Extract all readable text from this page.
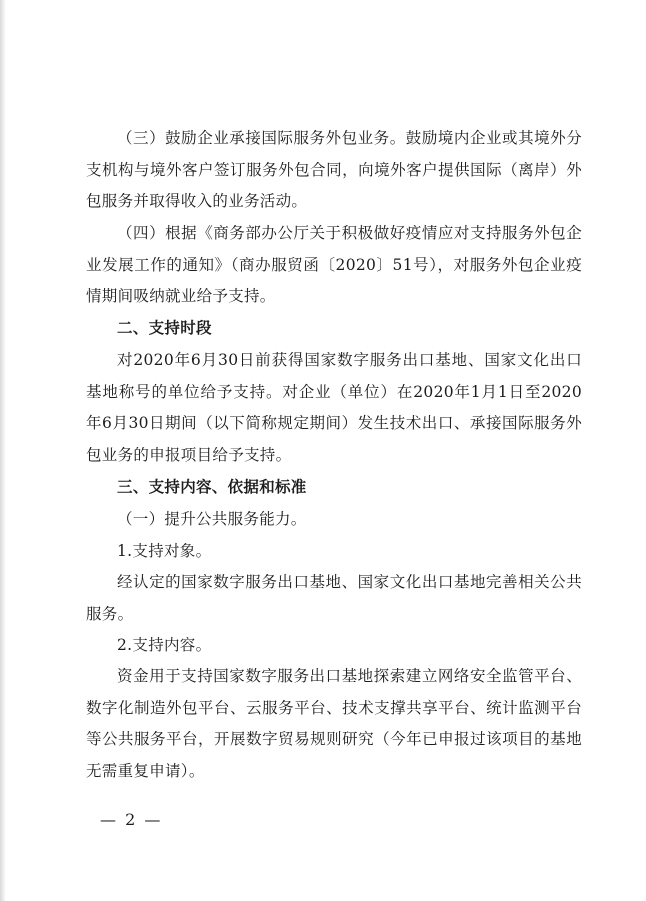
（三）鼓励企业承接国际服务外包业务。鼓励境内企业或其境外分支机构与境外客户签订服务外包合同，向境外客户提供国际（离岸）外包服务并取得收入的业务活动。

（四）根据《商务部办公厅关于积极做好疫情应对支持服务外包企业发展工作的通知》（商办服贸函〔2020〕51号），对服务外包企业疫情期间吸纳就业给予支持。

二、支持时段

对2020年6月30日前获得国家数字服务出口基地、国家文化出口基地称号的单位给予支持。对企业（单位）在2020年1月1日至2020年6月30日期间（以下简称规定期间）发生技术出口、承接国际服务外包业务的申报项目给予支持。

三、支持内容、依据和标准

（一）提升公共服务能力。

1.支持对象。

经认定的国家数字服务出口基地、国家文化出口基地完善相关公共服务。

2.支持内容。

资金用于支持国家数字服务出口基地探索建立网络安全监管平台、数字化制造外包平台、云服务平台、技术支撑共享平台、统计监测平台等公共服务平台，开展数字贸易规则研究（今年已申报过该项目的基地无需重复申请）。

— 2 —
